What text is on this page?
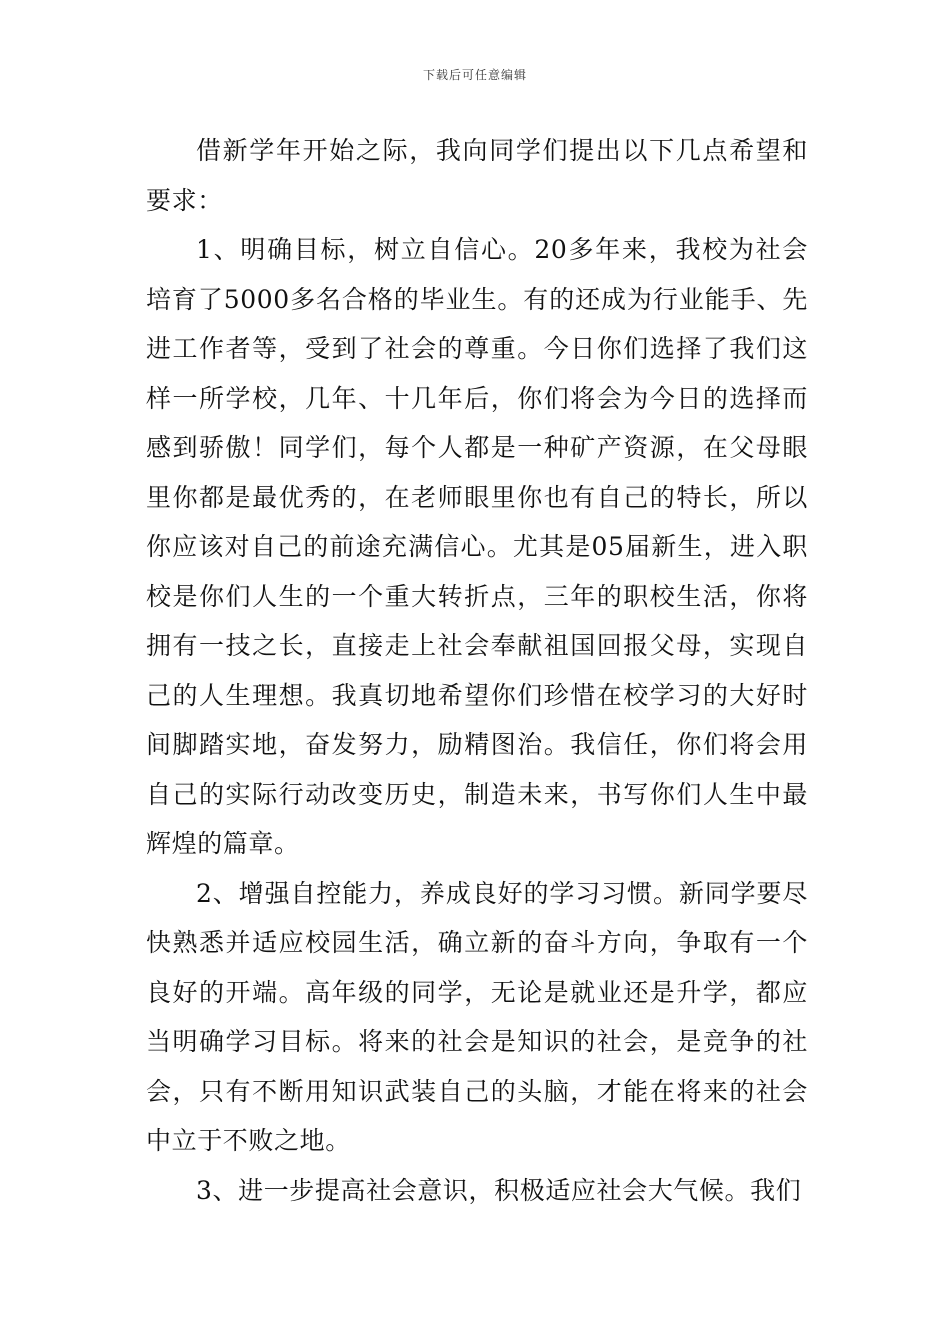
下载后可任意编辑

借新学年开始之际，我向同学们提出以下几点希望和要求：

1、明确目标，树立自信心。20多年来，我校为社会培育了5000多名合格的毕业生。有的还成为行业能手、先进工作者等，受到了社会的尊重。今日你们选择了我们这样一所学校，几年、十几年后，你们将会为今日的选择而感到骄傲！同学们，每个人都是一种矿产资源，在父母眼里你都是最优秀的，在老师眼里你也有自己的特长，所以你应该对自己的前途充满信心。尤其是05届新生，进入职校是你们人生的一个重大转折点，三年的职校生活，你将拥有一技之长，直接走上社会奉献祖国回报父母，实现自己的人生理想。我真切地希望你们珍惜在校学习的大好时间脚踏实地，奋发努力，励精图治。我信任，你们将会用自己的实际行动改变历史，制造未来，书写你们人生中最辉煌的篇章。

2、增强自控能力，养成良好的学习习惯。新同学要尽快熟悉并适应校园生活，确立新的奋斗方向，争取有一个良好的开端。高年级的同学，无论是就业还是升学，都应当明确学习目标。将来的社会是知识的社会，是竞争的社会，只有不断用知识武装自己的头脑，才能在将来的社会中立于不败之地。

3、进一步提高社会意识，积极适应社会大气候。我们
